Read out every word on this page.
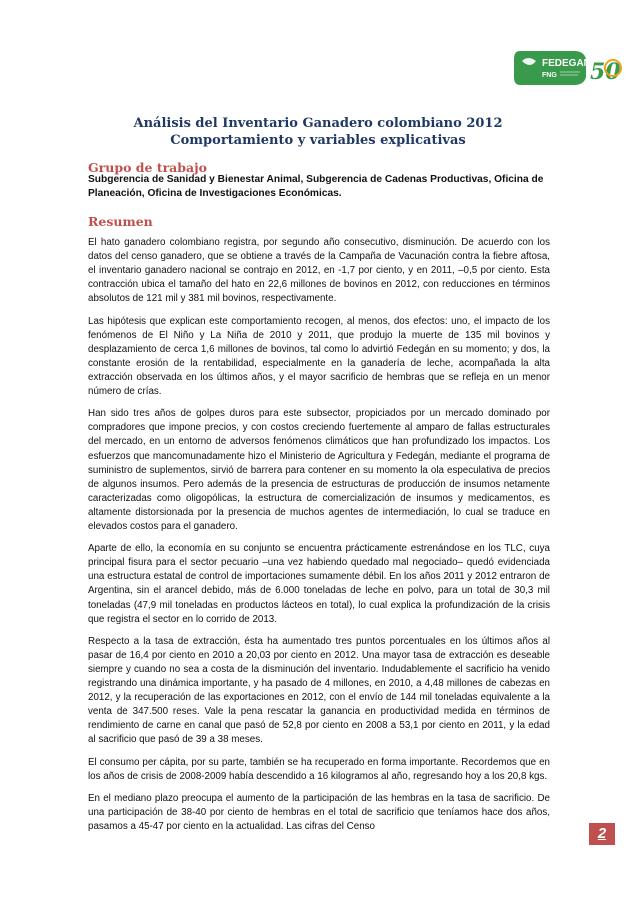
FEDEGAN
FNG 50
Análisis del Inventario Ganadero colombiano 2012
Comportamiento y variables explicativas
Grupo de trabajo
Subgerencia de Sanidad y Bienestar Animal, Subgerencia de Cadenas Productivas, Oficina de Planeación, Oficina de Investigaciones Económicas.
Resumen

El hato ganadero colombiano registra, por segundo año consecutivo, disminución. De acuerdo con los datos del censo ganadero, que se obtiene a través de la Campaña de Vacunación contra la fiebre aftosa, el inventario ganadero nacional se contrajo en 2012, en -1,7 por ciento, y en 2011, –0,5 por ciento. Esta contracción ubica el tamaño del hato en 22,6 millones de bovinos en 2012, con reducciones en términos absolutos de 121 mil y 381 mil bovinos, respectivamente.

Las hipótesis que explican este comportamiento recogen, al menos, dos efectos: uno, el impacto de los fenómenos de El Niño y La Niña de 2010 y 2011, que produjo la muerte de 135 mil bovinos y desplazamiento de cerca 1,6 millones de bovinos, tal como lo advirtió Fedegán en su momento; y dos, la constante erosión de la rentabilidad, especialmente en la ganadería de leche, acompañada la alta extracción observada en los últimos años, y el mayor sacrificio de hembras que se refleja en un menor número de crías.

Han sido tres años de golpes duros para este subsector, propiciados por un mercado dominado por compradores que impone precios, y con costos creciendo fuertemente al amparo de fallas estructurales del mercado, en un entorno de adversos fenómenos climáticos que han profundizado los impactos. Los esfuerzos que mancomunadamente hizo el Ministerio de Agricultura y Fedegán, mediante el programa de suministro de suplementos, sirvió de barrera para contener en su momento la ola especulativa de precios de algunos insumos. Pero además de la presencia de estructuras de producción de insumos netamente caracterizadas como oligopólicas, la estructura de comercialización de insumos y medicamentos, es altamente distorsionada por la presencia de muchos agentes de intermediación, lo cual se traduce en elevados costos para el ganadero.

Aparte de ello, la economía en su conjunto se encuentra prácticamente estrenándose en los TLC, cuya principal fisura para el sector pecuario –una vez habiendo quedado mal negociado– quedó evidenciada una estructura estatal de control de importaciones sumamente débil. En los años 2011 y 2012 entraron de Argentina, sin el arancel debido, más de 6.000 toneladas de leche en polvo, para un total de 30,3 mil toneladas (47,9 mil toneladas en productos lácteos en total), lo cual explica la profundización de la crisis que registra el sector en lo corrido de 2013.

Respecto a la tasa de extracción, ésta ha aumentado tres puntos porcentuales en los últimos años al pasar de 16,4 por ciento en 2010 a 20,03 por ciento en 2012. Una mayor tasa de extracción es deseable siempre y cuando no sea a costa de la disminución del inventario. Indudablemente el sacrificio ha venido registrando una dinámica importante, y ha pasado de 4 millones, en 2010, a 4,48 millones de cabezas en 2012, y la recuperación de las exportaciones en 2012, con el envío de 144 mil toneladas equivalente a la venta de 347.500 reses. Vale la pena rescatar la ganancia en productividad medida en términos de rendimiento de carne en canal que pasó de 52,8 por ciento en 2008 a 53,1 por ciento en 2011, y la edad al sacrificio que pasó de 39 a 38 meses.

El consumo per cápita, por su parte, también se ha recuperado en forma importante. Recordemos que en los años de crisis de 2008-2009 había descendido a 16 kilogramos al año, regresando hoy a los 20,8 kgs.

En el mediano plazo preocupa el aumento de la participación de las hembras en la tasa de sacrificio. De una participación de 38-40 por ciento de hembras en el total de sacrificio que teníamos hace dos años, pasamos a 45-47 por ciento en la actualidad. Las cifras del Censo	2
